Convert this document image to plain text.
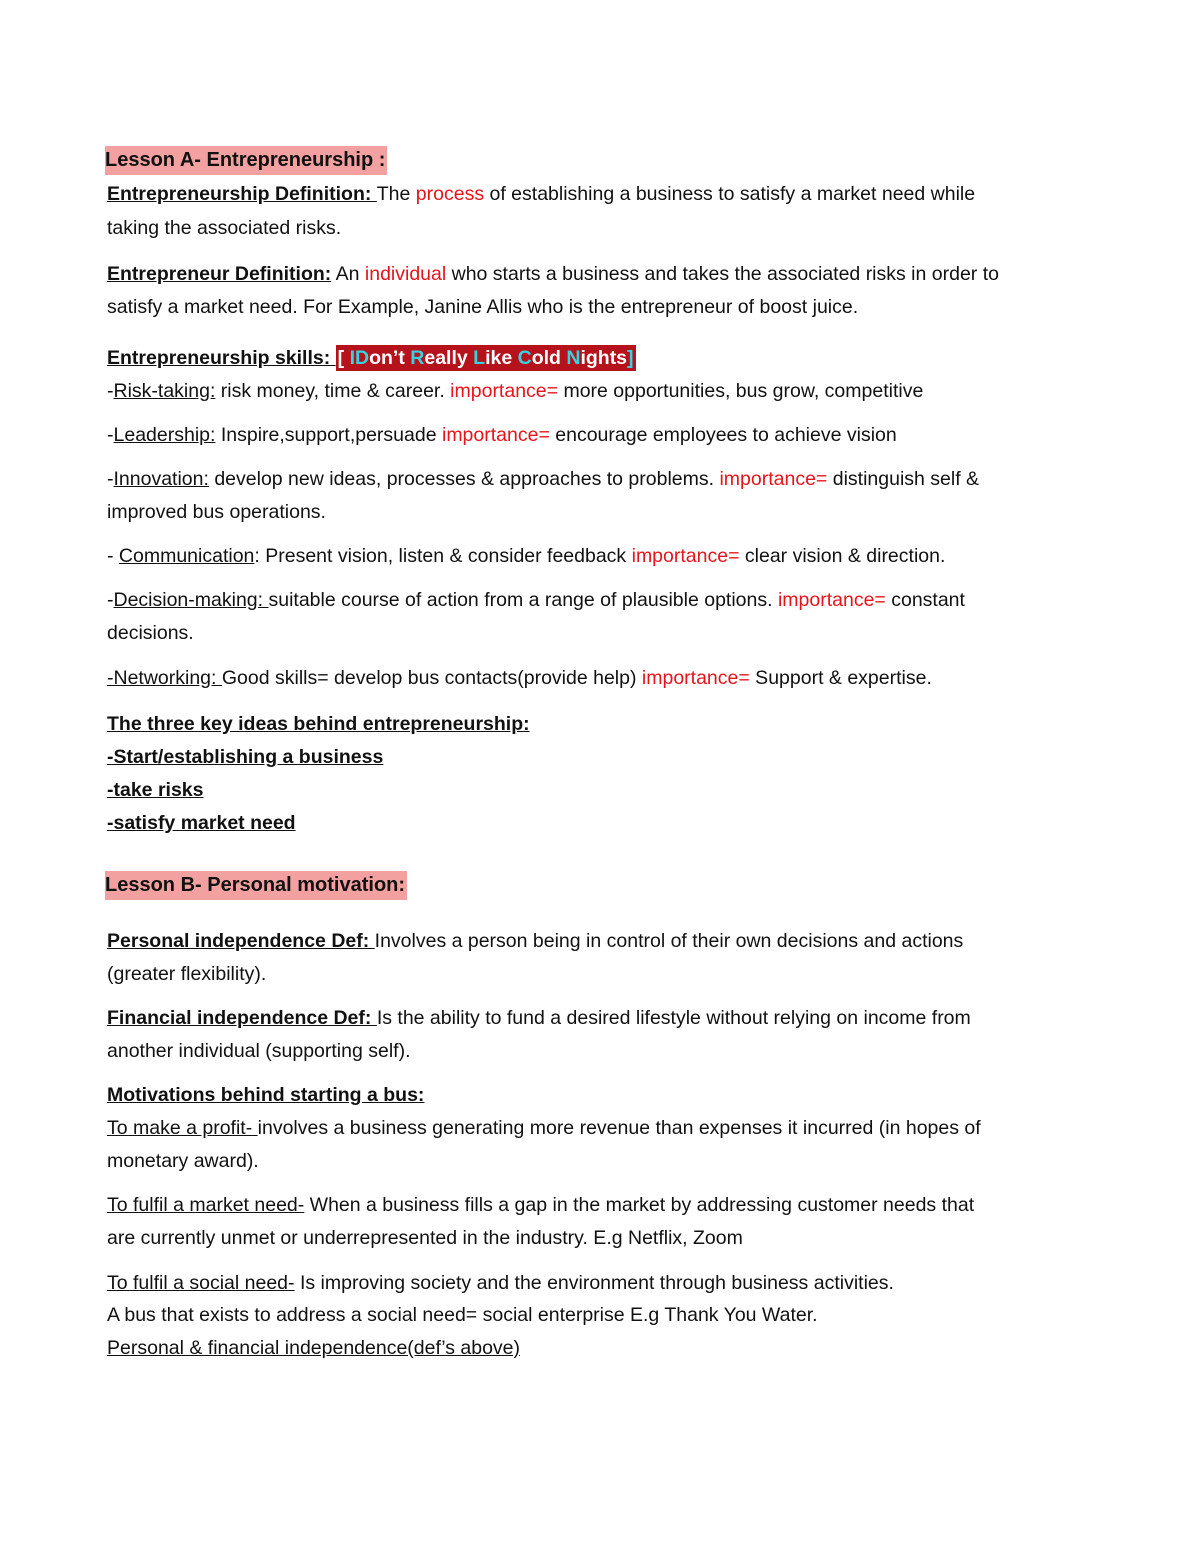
Lesson A- Entrepreneurship :
Entrepreneurship Definition: The process of establishing a business to satisfy a market need while
taking the associated risks.
Entrepreneur Definition: An individual who starts a business and takes the associated risks in order to
satisfy a market need. For Example, Janine Allis who is the entrepreneur of boost juice.
Entrepreneurship skills: [ IDon’t Really Like Cold Nights]
-Risk-taking: risk money, time & career. importance= more opportunities, bus grow, competitive
-Leadership: Inspire,support,persuade importance= encourage employees to achieve vision
-Innovation: develop new ideas, processes & approaches to problems. importance= distinguish self &
improved bus operations.
- Communication: Present vision, listen & consider feedback importance= clear vision & direction.
-Decision-making: suitable course of action from a range of plausible options. importance= constant
decisions.
-Networking: Good skills= develop bus contacts(provide help) importance= Support & expertise.
The three key ideas behind entrepreneurship:
-Start/establishing a business
-take risks
-satisfy market need
Lesson B- Personal motivation:
Personal independence Def: Involves a person being in control of their own decisions and actions
(greater flexibility).
Financial independence Def: Is the ability to fund a desired lifestyle without relying on income from
another individual (supporting self).
Motivations behind starting a bus:
To make a profit- involves a business generating more revenue than expenses it incurred (in hopes of
monetary award).
To fulfil a market need- When a business fills a gap in the market by addressing customer needs that
are currently unmet or underrepresented in the industry. E.g Netflix, Zoom
To fulfil a social need- Is improving society and the environment through business activities.
A bus that exists to address a social need= social enterprise E.g Thank You Water.
Personal & financial independence(def’s above)
